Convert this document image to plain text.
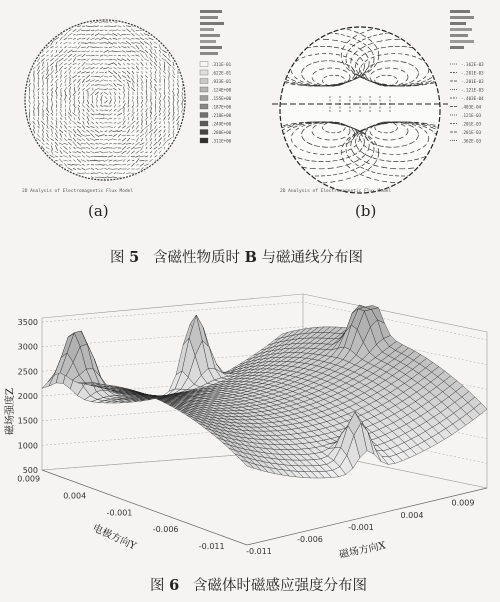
2D Analysis of Electromagnetic Flux Model
.311E-01
.622E-01
.933E-01
.124E+00
.155E+00
.187E+00
.218E+00
.249E+00
.280E+00
.311E+00
(a)
2D Analysis of Electromagnetic Flux Model
-.362E-03
-.281E-03
-.201E-03
-.121E-03
-.403E-04
.403E-04
.121E-03
.201E-03
.281E-03
.362E-03
(b)
图 5 含磁性物质时 B 与磁通线分布图
3500
3000
2500
2000
1500
1000
500
0.009
0.004
-0.001
-0.006
-0.011
-0.011
-0.006
-0.001
0.004
0.009
磁场强度Z
电极方向Y	磁场方向X
图 6 含磁体时磁感应强度分布图
